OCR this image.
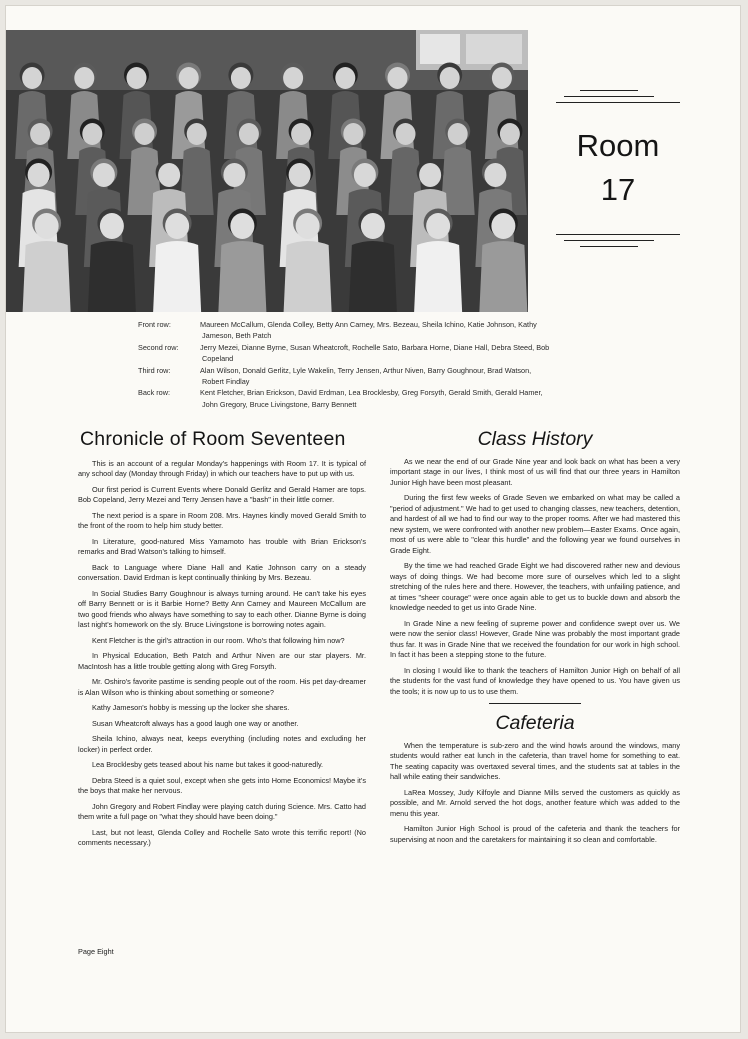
Room
17
Front row:	Maureen McCallum, Glenda Colley, Betty Ann Carney, Mrs. Bezeau, Sheila Ichino, Katie Johnson, Kathy Jameson, Beth Patch
Second row:	Jerry Mezei, Dianne Byrne, Susan Wheatcroft, Rochelle Sato, Barbara Horne, Diane Hall, Debra Steed, Bob Copeland
Third row:	Alan Wilson, Donald Gerlitz, Lyle Wakelin, Terry Jensen, Arthur Niven, Barry Goughnour, Brad Watson, Robert Findlay
Back row:	Kent Fletcher, Brian Erickson, David Erdman, Lea Brocklesby, Greg Forsyth, Gerald Smith, Gerald Hamer, John Gregory, Bruce Livingstone, Barry Bennett
Chronicle of Room Seventeen

This is an account of a regular Monday's happenings with Room 17. It is typical of any school day (Monday through Friday) in which our teachers have to put up with us.

Our first period is Current Events where Donald Gerlitz and Gerald Hamer are tops. Bob Copeland, Jerry Mezei and Terry Jensen have a "bash" in their little corner.

The next period is a spare in Room 208. Mrs. Haynes kindly moved Gerald Smith to the front of the room to help him study better.

In Literature, good-natured Miss Yamamoto has trouble with Brian Erickson's remarks and Brad Watson's talking to himself.

Back to Language where Diane Hall and Katie Johnson carry on a steady conversation. David Erdman is kept continually thinking by Mrs. Bezeau.

In Social Studies Barry Goughnour is always turning around. He can't take his eyes off Barry Bennett or is it Barbie Horne? Betty Ann Carney and Maureen McCallum are two good friends who always have something to say to each other. Dianne Byrne is doing last night's homework on the sly. Bruce Livingstone is borrowing notes again.

Kent Fletcher is the girl's attraction in our room. Who's that following him now?

In Physical Education, Beth Patch and Arthur Niven are our star players. Mr. MacIntosh has a little trouble getting along with Greg Forsyth.

Mr. Oshiro's favorite pastime is sending people out of the room. His pet day-dreamer is Alan Wilson who is thinking about something or someone?

Kathy Jameson's hobby is messing up the locker she shares.

Susan Wheatcroft always has a good laugh one way or another.

Sheila Ichino, always neat, keeps everything (including notes and excluding her locker) in perfect order.

Lea Brocklesby gets teased about his name but takes it good-naturedly.

Debra Steed is a quiet soul, except when she gets into Home Economics! Maybe it's the boys that make her nervous.

John Gregory and Robert Findlay were playing catch during Science. Mrs. Catto had them write a full page on "what they should have been doing."

Last, but not least, Glenda Colley and Rochelle Sato wrote this terrific report! (No comments necessary.)

Class History

As we near the end of our Grade Nine year and look back on what has been a very important stage in our lives, I think most of us will find that our three years in Hamilton Junior High have been most pleasant.

During the first few weeks of Grade Seven we embarked on what may be called a "period of adjustment." We had to get used to changing classes, new teachers, detention, and hardest of all we had to find our way to the proper rooms. After we had mastered this new system, we were confronted with another new problem—Easter Exams. Once again, most of us were able to "clear this hurdle" and the following year we found ourselves in Grade Eight.

By the time we had reached Grade Eight we had discovered rather new and devious ways of doing things. We had become more sure of ourselves which led to a slight stretching of the rules here and there. However, the teachers, with unfailing patience, and at times "sheer courage" were once again able to get us to buckle down and absorb the knowledge needed to get us into Grade Nine.

In Grade Nine a new feeling of supreme power and confidence swept over us. We were now the senior class! However, Grade Nine was probably the most important grade thus far. It was in Grade Nine that we received the foundation for our work in high school. In fact it has been a stepping stone to the future.

In closing I would like to thank the teachers of Hamilton Junior High on behalf of all the students for the vast fund of knowledge they have opened to us. You have given us the tools; it is now up to us to use them.

Cafeteria

When the temperature is sub-zero and the wind howls around the windows, many students would rather eat lunch in the cafeteria, than travel home for something to eat. The seating capacity was overtaxed several times, and the students sat at tables in the hall while eating their sandwiches.

LaRea Mossey, Judy Kilfoyle and Dianne Mills served the customers as quickly as possible, and Mr. Arnold served the hot dogs, another feature which was added to the menu this year.

Hamilton Junior High School is proud of the cafeteria and thank the teachers for supervising at noon and the caretakers for maintaining it so clean and comfortable.

Page Eight
